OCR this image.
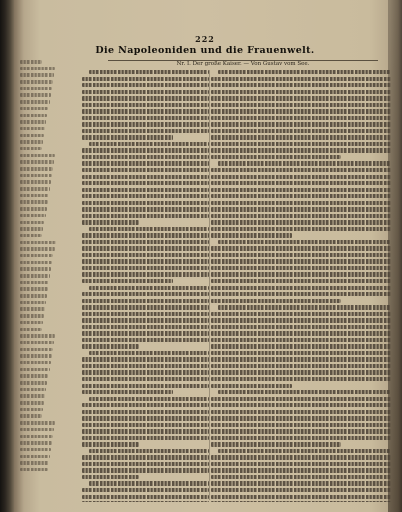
222
Die Napoleoniden und die Frauenwelt.
Nr. I. Der große Kaiser. — Von Gustav vom See.
